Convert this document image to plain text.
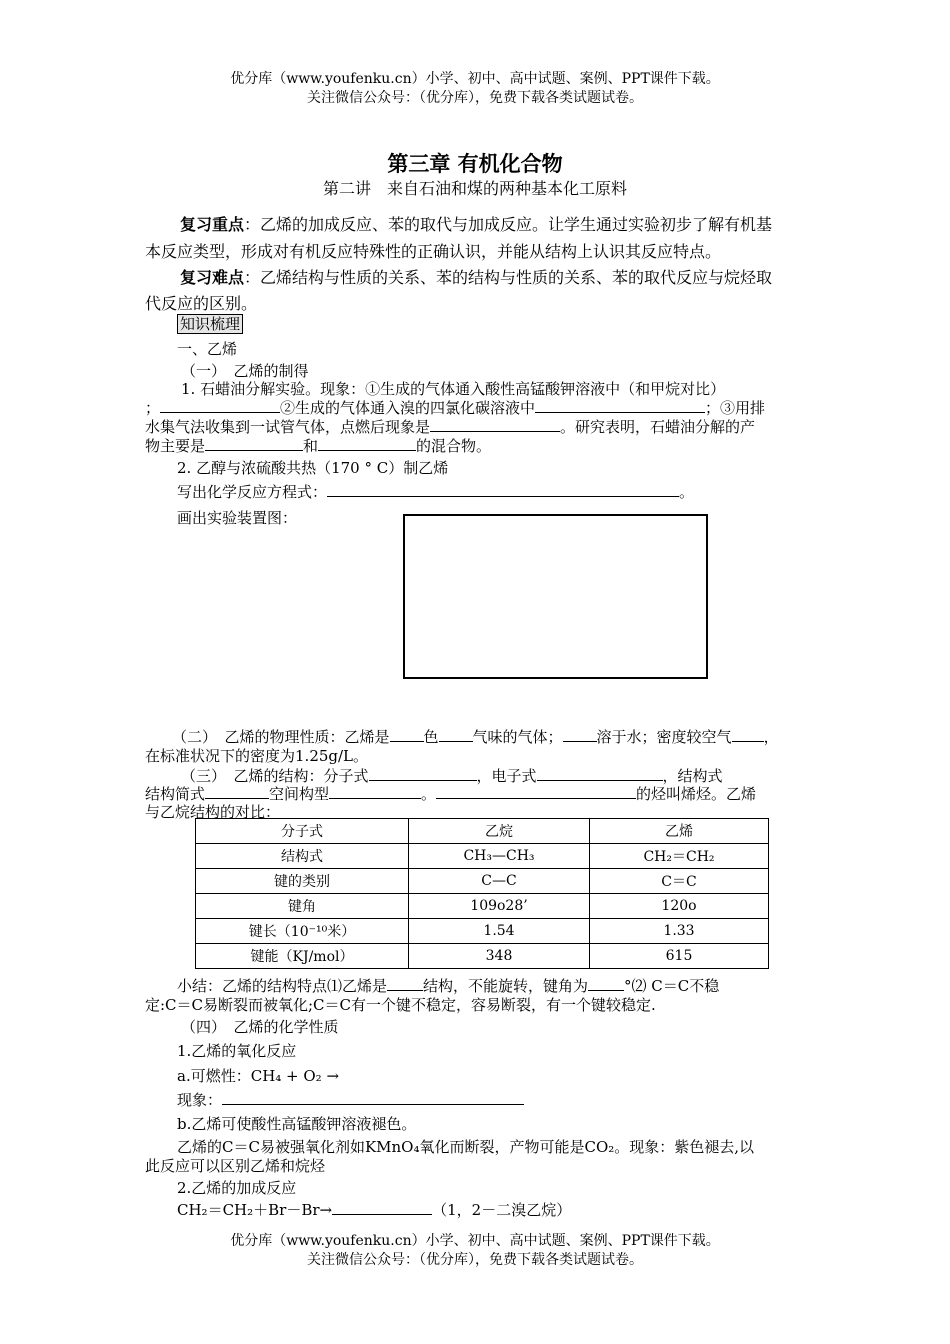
优分库（www.youfenku.cn）小学、初中、高中试题、案例、PPT课件下载。
关注微信公众号：（优分库），免费下载各类试题试卷。
第三章 有机化合物
第二讲　来自石油和煤的两种基本化工原料
复习重点：乙烯的加成反应、苯的取代与加成反应。让学生通过实验初步了解有机基
本反应类型，形成对有机反应特殊性的正确认识，并能从结构上认识其反应特点。
复习难点：乙烯结构与性质的关系、苯的结构与性质的关系、苯的取代反应与烷烃取
代反应的区别。
知识梳理
一、乙烯
（一）　乙烯的制得
1. 石蜡油分解实验。现象：①生成的气体通入酸性高锰酸钾溶液中（和甲烷对比）
；	②生成的气体通入溴的四氯化碳溶液中	；③用排
水集气法收集到一试管气体，点燃后现象是	。研究表明，石蜡油分解的产
物主要是	和	的混合物。
2. 乙醇与浓硫酸共热（170 ° C）制乙烯
写出化学反应方程式：	。
画出实验装置图：
（二）　乙烯的物理性质：乙烯是 色 气味的气体； 溶于水；密度较空气 ，
在标准状况下的密度为1.25g/L。
（三）　乙烯的结构：分子式	，电子式	，结构式
结构简式	空间构型	。	的烃叫烯烃。乙烯
与乙烷结构的对比：
分子式	乙烷	乙烯
结构式	CH₃—CH₃	CH₂＝CH₂
键的类别	C—C	C＝C
键角	109o28’	120o
键长（10⁻¹⁰米）	1.54	1.33
键能（KJ/mol）	348	615
小结：乙烯的结构特点⑴乙烯是 结构，不能旋转，键角为 °⑵ C＝C不稳
定:C＝C易断裂而被氧化;C＝C有一个键不稳定，容易断裂，有一个键较稳定.
（四）　乙烯的化学性质
1.乙烯的氧化反应
a.可燃性：CH₄ + O₂ →
现象：
b.乙烯可使酸性高锰酸钾溶液褪色。
乙烯的C＝C易被强氧化剂如KMnO₄氧化而断裂，产物可能是CO₂。现象：紫色褪去,以
此反应可以区别乙烯和烷烃
2.乙烯的加成反应
CH₂＝CH₂＋Br－Br→	（1，2－二溴乙烷）
优分库（www.youfenku.cn）小学、初中、高中试题、案例、PPT课件下载。
关注微信公众号：（优分库），免费下载各类试题试卷。
